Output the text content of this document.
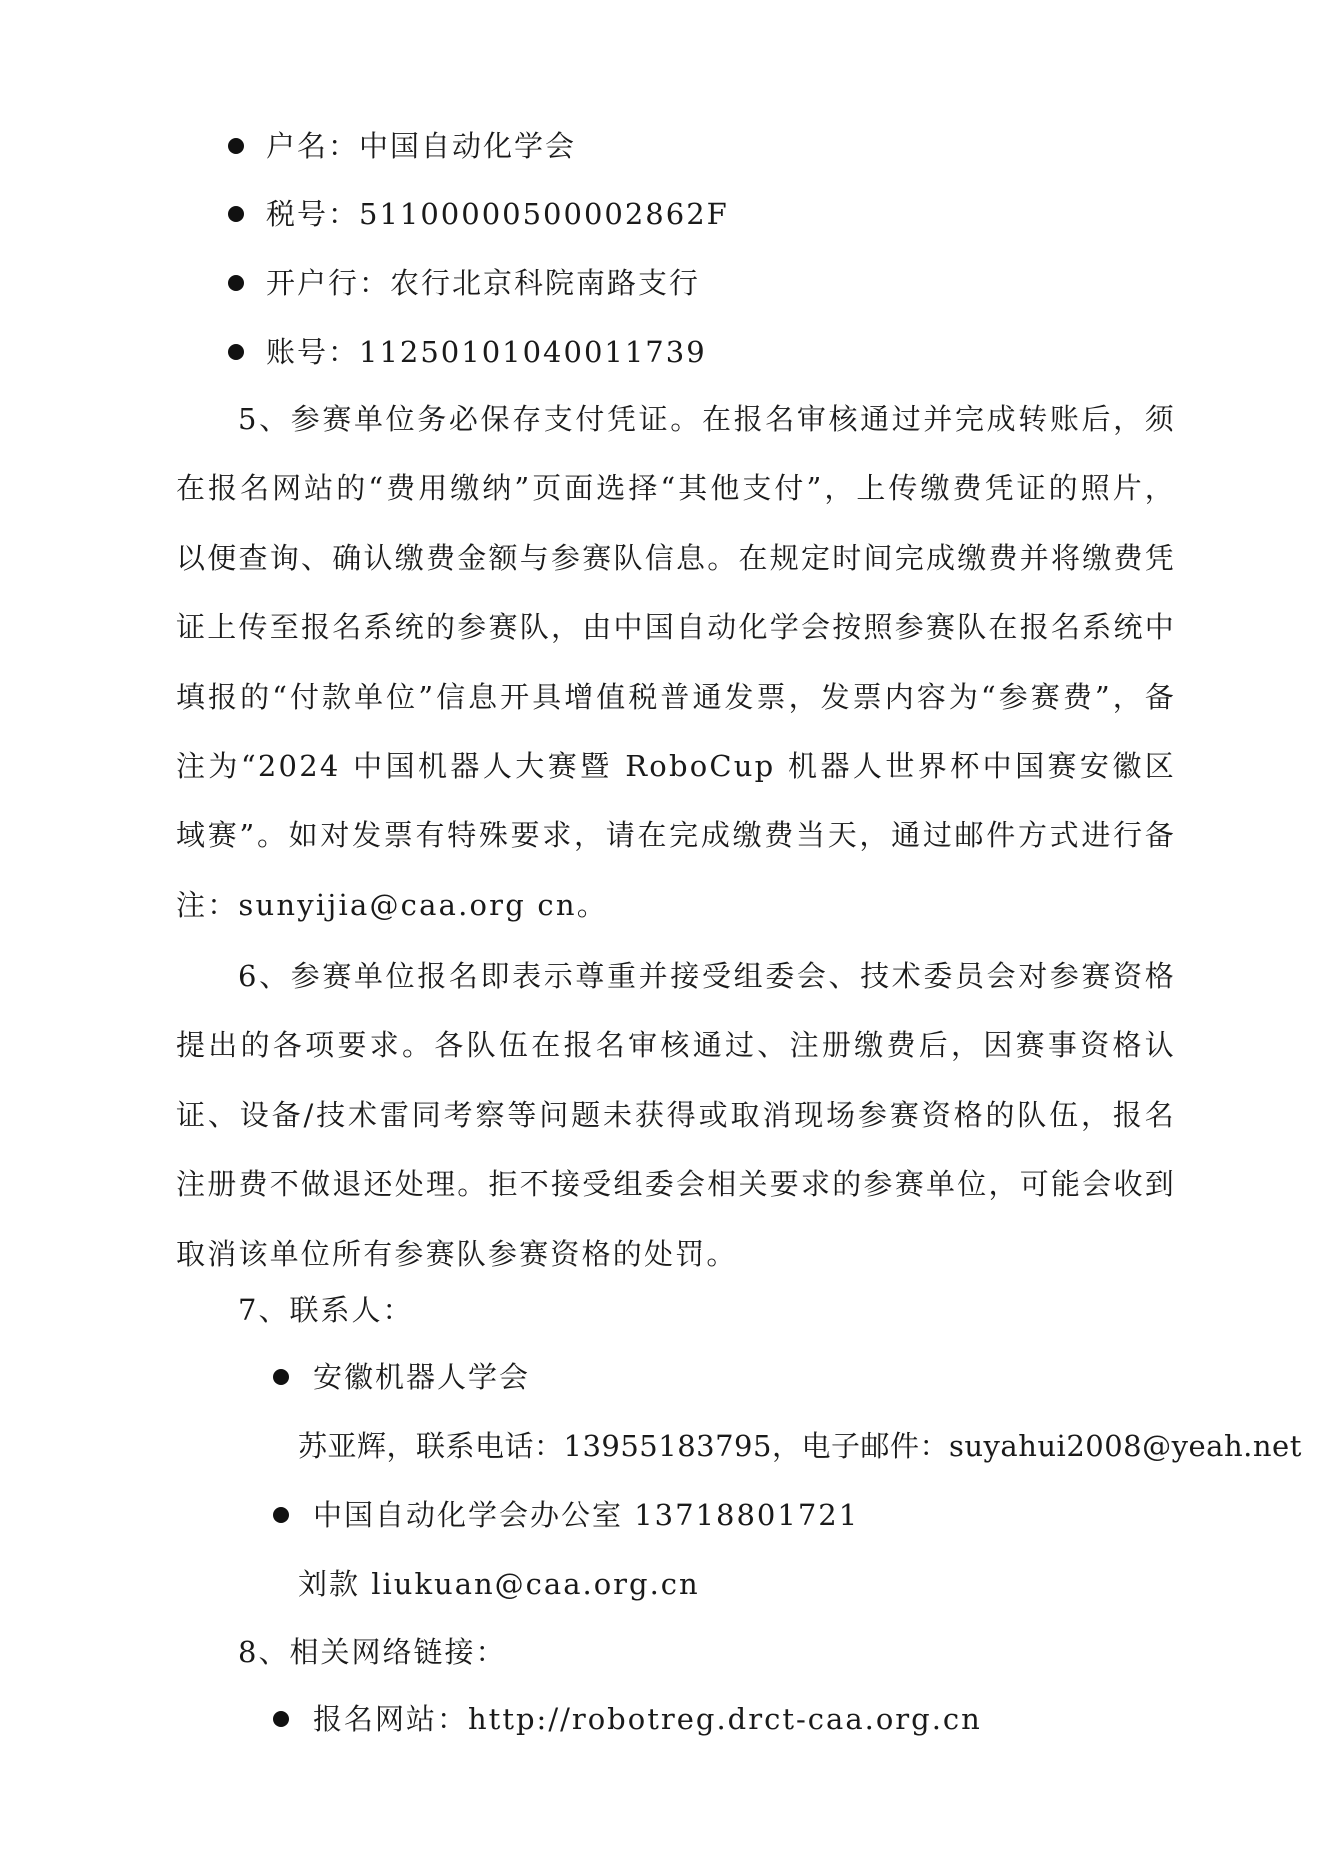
户名：中国自动化学会
税号：51100000500002862F
开户行：农行北京科院南路支行
账号：11250101040011739
5、参赛单位务必保存支付凭证。在报名审核通过并完成转账后，须在报名网站的“费用缴纳”页面选择“其他支付”，上传缴费凭证的照片，以便查询、确认缴费金额与参赛队信息。在规定时间完成缴费并将缴费凭证上传至报名系统的参赛队，由中国自动化学会按照参赛队在报名系统中填报的“付款单位”信息开具增值税普通发票，发票内容为“参赛费”，备注为“2024 中国机器人大赛暨 RoboCup 机器人世界杯中国赛安徽区域赛”。如对发票有特殊要求，请在完成缴费当天，通过邮件方式进行备注：sunyijia@caa.org cn。
6、参赛单位报名即表示尊重并接受组委会、技术委员会对参赛资格提出的各项要求。各队伍在报名审核通过、注册缴费后，因赛事资格认证、设备/技术雷同考察等问题未获得或取消现场参赛资格的队伍，报名注册费不做退还处理。拒不接受组委会相关要求的参赛单位，可能会收到取消该单位所有参赛队参赛资格的处罚。
7、联系人：
安徽机器人学会
苏亚辉，联系电话：13955183795，电子邮件：suyahui2008@yeah.net
中国自动化学会办公室 13718801721
刘款 liukuan@caa.org.cn
8、相关网络链接：
报名网站：http://robotreg.drct-caa.org.cn
